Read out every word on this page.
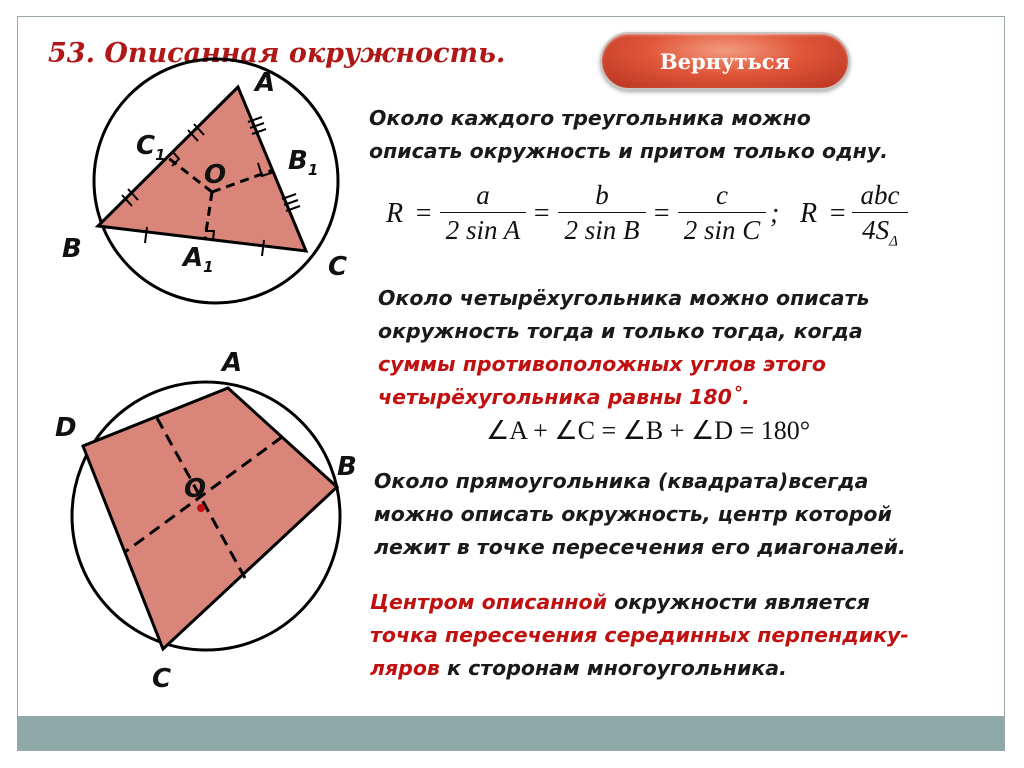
53. Описанная окружность.	Вернуться
A
B
C
O
$C_1$	$B_1$
$A_1$
A
B
C
D
O
Около каждого треугольника можно
описать окружность и притом только одну.
R =
a
2 sin A
=
b
2 sin B
=
c
2 sin C
; R =
abc
$4S_\Delta$
Около четырёхугольника можно описать
окружность тогда и только тогда, когда
суммы противоположных углов этого
четырёхугольника равны 180˚.
∠A + ∠C = ∠B + ∠D = 180°
Около прямоугольника (квадрата)всегда
можно описать окружность, центр которой
лежит в точке пересечения его диагоналей.
Центром описанной окружности является
точка пересечения серединных перпендику-
ляров к сторонам многоугольника.
